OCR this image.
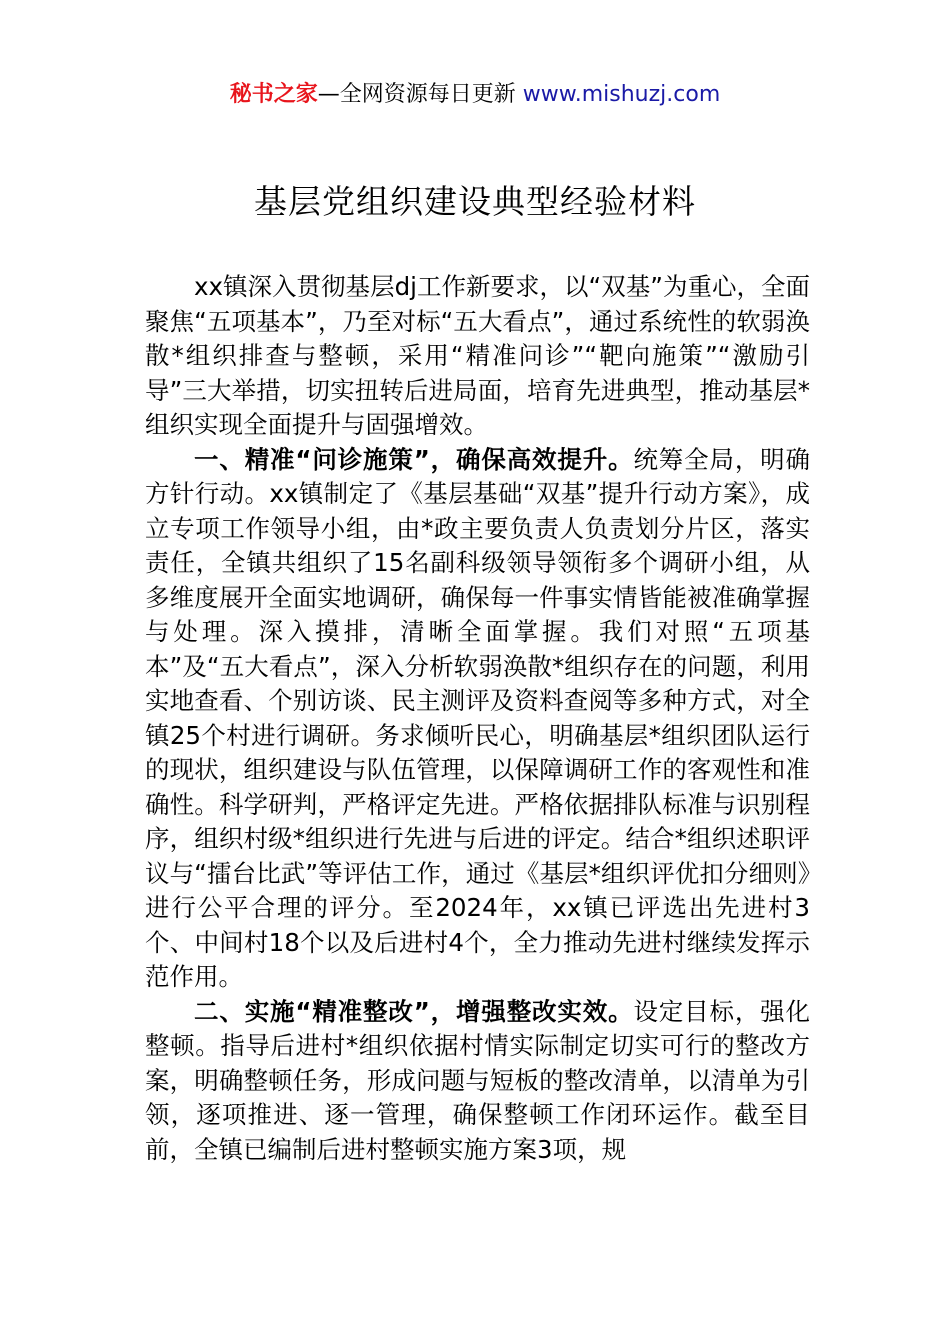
秘书之家—全网资源每日更新 www.mishuzj.com
基层党组织建设典型经验材料

xx镇深入贯彻基层dj工作新要求，以“双基”为重心，全面聚焦“五项基本”，乃至对标“五大看点”，通过系统性的软弱涣散*组织排查与整顿，采用“精准问诊”“靶向施策”“激励引导”三大举措，切实扭转后进局面，培育先进典型，推动基层*组织实现全面提升与固强增效。

一、精准“问诊施策”，确保高效提升。统筹全局，明确方针行动。xx镇制定了《基层基础“双基”提升行动方案》，成立专项工作领导小组，由*政主要负责人负责划分片区，落实责任，全镇共组织了15名副科级领导领衔多个调研小组，从多维度展开全面实地调研，确保每一件事实情皆能被准确掌握与处理。深入摸排，清晰全面掌握。我们对照“五项基本”及“五大看点”，深入分析软弱涣散*组织存在的问题，利用实地查看、个别访谈、民主测评及资料查阅等多种方式，对全镇25个村进行调研。务求倾听民心，明确基层*组织团队运行的现状，组织建设与队伍管理，以保障调研工作的客观性和准确性。科学研判，严格评定先进。严格依据排队标准与识别程序，组织村级*组织进行先进与后进的评定。结合*组织述职评议与“擂台比武”等评估工作，通过《基层*组织评优扣分细则》进行公平合理的评分。至2024年，xx镇已评选出先进村3个、中间村18个以及后进村4个，全力推动先进村继续发挥示范作用。

二、实施“精准整改”，增强整改实效。设定目标，强化整顿。指导后进村*组织依据村情实际制定切实可行的整改方案，明确整顿任务，形成问题与短板的整改清单，以清单为引领，逐项推进、逐一管理，确保整顿工作闭环运作。截至目前，全镇已编制后进村整顿实施方案3项，规
